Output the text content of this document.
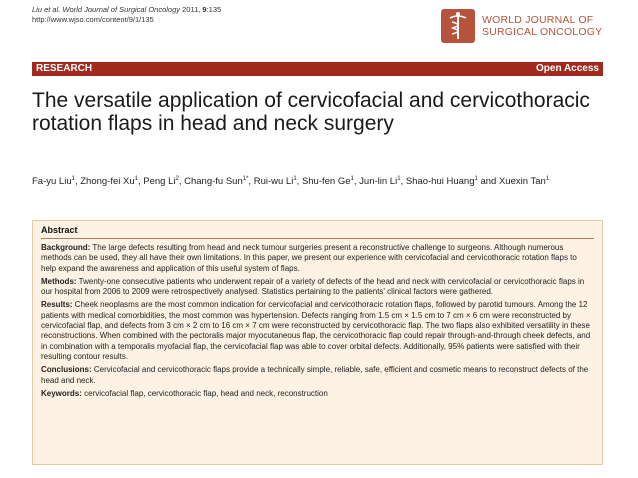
Liu et al. World Journal of Surgical Oncology 2011, 9:135
http://www.wjso.com/content/9/1/135	WORLD JOURNAL OF
SURGICAL ONCOLOGY
RESEARCH	Open Access
The versatile application of cervicofacial and cervicothoracic rotation flaps in head and neck surgery
Fa-yu Liu$^1$, Zhong-fei Xu$^1$, Peng Li$^2$, Chang-fu Sun$^{1*}$, Rui-wu Li$^1$, Shu-fen Ge$^1$, Jun-lin Li$^1$, Shao-hui Huang$^1$ and Xuexin Tan$^1$
Abstract

Background: The large defects resulting from head and neck tumour surgeries present a reconstructive challenge to surgeons. Although numerous methods can be used, they all have their own limitations. In this paper, we present our experience with cervicofacial and cervicothoracic rotation flaps to help expand the awareness and application of this useful system of flaps.

Methods: Twenty-one consecutive patients who underwent repair of a variety of defects of the head and neck with cervicofacial or cervicothoracic flaps in our hospital from 2006 to 2009 were retrospectively analysed. Statistics pertaining to the patients' clinical factors were gathered.

Results: Cheek neoplasms are the most common indication for cervicofacial and cervicothoracic rotation flaps, followed by parotid tumours. Among the 12 patients with medical comorbidities, the most common was hypertension. Defects ranging from 1.5 cm × 1.5 cm to 7 cm × 6 cm were reconstructed by cervicofacial flap, and defects from 3 cm × 2 cm to 16 cm × 7 cm were reconstructed by cervicothoracic flap. The two flaps also exhibited versatility in these reconstructions. When combined with the pectoralis major myocutaneous flap, the cervicothoracic flap could repair through-and-through cheek defects, and in combination with a temporalis myofacial flap, the cervicofacial flap was able to cover orbital defects. Additionally, 95% patients were satisfied with their resulting contour results.

Conclusions: Cervicofacial and cervicothoracic flaps provide a technically simple, reliable, safe, efficient and cosmetic means to reconstruct defects of the head and neck.

Keywords: cervicofacial flap, cervicothoracic flap, head and neck, reconstruction
